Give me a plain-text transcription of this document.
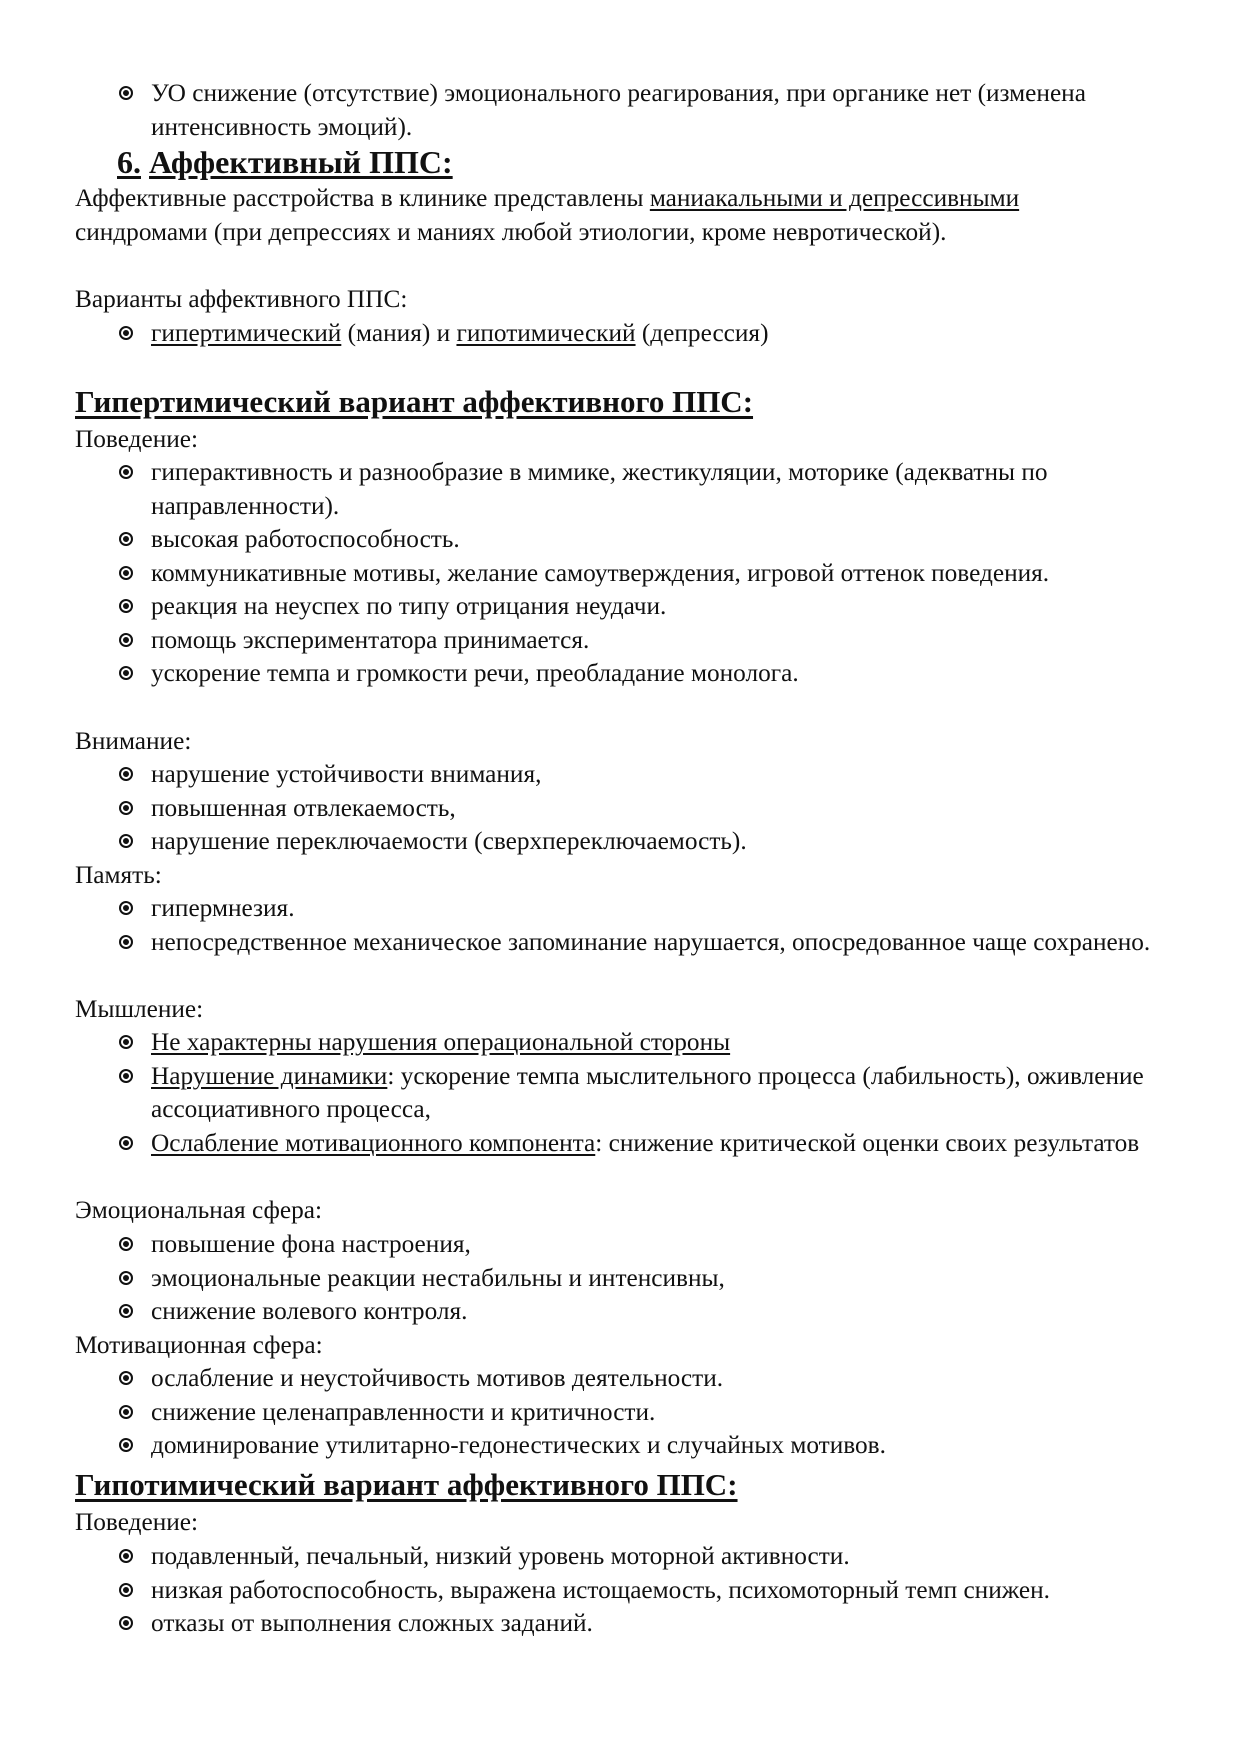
УО снижение (отсутствие) эмоционального реагирования, при органике нет (изменена интенсивность эмоций).
6. Аффективный ППС:
Аффективные расстройства в клинике представлены маниакальными и депрессивными синдромами (при депрессиях и маниях любой этиологии, кроме невротической).
Варианты аффективного ППС:
гипертимический (мания) и гипотимический (депрессия)
Гипертимический вариант аффективного ППС:
Поведение:
гиперактивность и разнообразие в мимике, жестикуляции, моторике (адекватны по направленности).
высокая работоспособность.
коммуникативные мотивы, желание самоутверждения, игровой оттенок поведения.
реакция на неуспех по типу отрицания неудачи.
помощь экспериментатора принимается.
ускорение темпа и громкости речи, преобладание монолога.
Внимание:
нарушение устойчивости внимания,
повышенная отвлекаемость,
нарушение переключаемости (сверхпереключаемость).
Память:
гипермнезия.
непосредственное механическое запоминание нарушается, опосредованное чаще сохранено.
Мышление:
Не характерны нарушения операциональной стороны
Нарушение динамики: ускорение темпа мыслительного процесса (лабильность), оживление ассоциативного процесса,
Ослабление мотивационного компонента: снижение критической оценки своих результатов
Эмоциональная сфера:
повышение фона настроения,
эмоциональные реакции нестабильны и интенсивны,
снижение волевого контроля.
Мотивационная сфера:
ослабление и неустойчивость мотивов деятельности.
снижение целенаправленности и критичности.
доминирование утилитарно-гедонестических и случайных мотивов.
Гипотимический вариант аффективного ППС:
Поведение:
подавленный, печальный, низкий уровень моторной активности.
низкая работоспособность, выражена истощаемость, психомоторный темп снижен.
отказы от выполнения сложных заданий.
